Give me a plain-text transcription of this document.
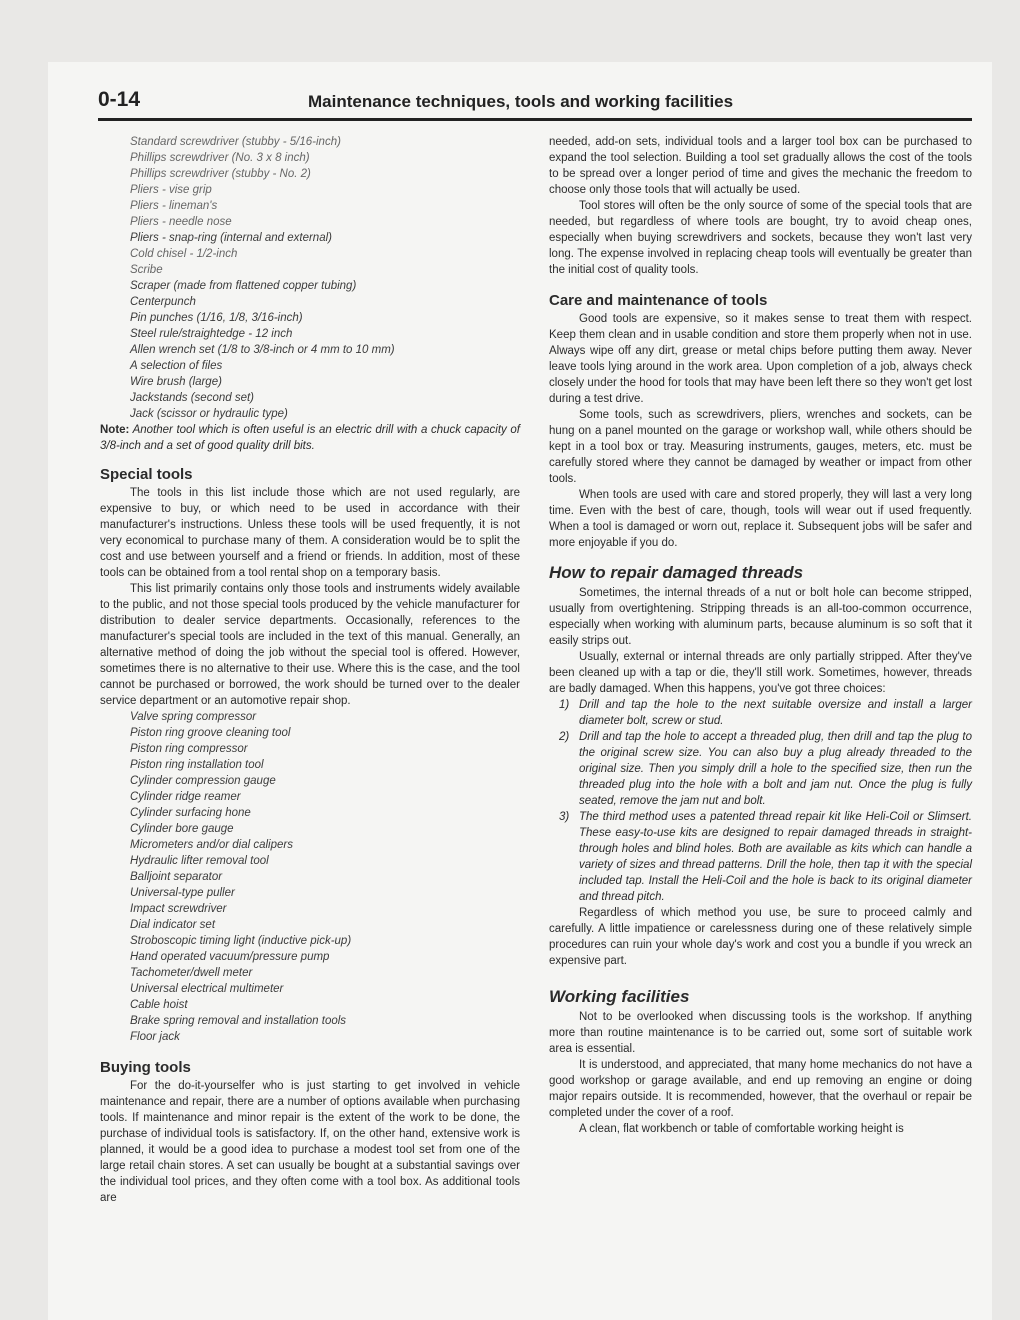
0-14	Maintenance techniques, tools and working facilities
Standard screwdriver (stubby - 5/16-inch)
Phillips screwdriver (No. 3 x 8 inch)
Phillips screwdriver (stubby - No. 2)
Pliers - vise grip
Pliers - lineman's
Pliers - needle nose
Pliers - snap-ring (internal and external)
Cold chisel - 1/2-inch
Scribe
Scraper (made from flattened copper tubing)
Centerpunch
Pin punches (1/16, 1/8, 3/16-inch)
Steel rule/straightedge - 12 inch
Allen wrench set (1/8 to 3/8-inch or 4 mm to 10 mm)
A selection of files
Wire brush (large)
Jackstands (second set)
Jack (scissor or hydraulic type)

Note: Another tool which is often useful is an electric drill with a chuck capacity of 3/8-inch and a set of good quality drill bits.

Special tools

The tools in this list include those which are not used regularly, are expensive to buy, or which need to be used in accordance with their manufacturer's instructions. Unless these tools will be used frequently, it is not very economical to purchase many of them. A consideration would be to split the cost and use between yourself and a friend or friends. In addition, most of these tools can be obtained from a tool rental shop on a temporary basis.

This list primarily contains only those tools and instruments widely available to the public, and not those special tools produced by the vehicle manufacturer for distribution to dealer service departments. Occasionally, references to the manufacturer's special tools are included in the text of this manual. Generally, an alternative method of doing the job without the special tool is offered. However, sometimes there is no alternative to their use. Where this is the case, and the tool cannot be purchased or borrowed, the work should be turned over to the dealer service department or an automotive repair shop.

Valve spring compressor
Piston ring groove cleaning tool
Piston ring compressor
Piston ring installation tool
Cylinder compression gauge
Cylinder ridge reamer
Cylinder surfacing hone
Cylinder bore gauge
Micrometers and/or dial calipers
Hydraulic lifter removal tool
Balljoint separator
Universal-type puller
Impact screwdriver
Dial indicator set
Stroboscopic timing light (inductive pick-up)
Hand operated vacuum/pressure pump
Tachometer/dwell meter
Universal electrical multimeter
Cable hoist
Brake spring removal and installation tools
Floor jack
Buying tools

For the do-it-yourselfer who is just starting to get involved in vehicle maintenance and repair, there are a number of options available when purchasing tools. If maintenance and minor repair is the extent of the work to be done, the purchase of individual tools is satisfactory. If, on the other hand, extensive work is planned, it would be a good idea to purchase a modest tool set from one of the large retail chain stores. A set can usually be bought at a substantial savings over the individual tool prices, and they often come with a tool box. As additional tools are

needed, add-on sets, individual tools and a larger tool box can be purchased to expand the tool selection. Building a tool set gradually allows the cost of the tools to be spread over a longer period of time and gives the mechanic the freedom to choose only those tools that will actually be used.

Tool stores will often be the only source of some of the special tools that are needed, but regardless of where tools are bought, try to avoid cheap ones, especially when buying screwdrivers and sockets, because they won't last very long. The expense involved in replacing cheap tools will eventually be greater than the initial cost of quality tools.

Care and maintenance of tools

Good tools are expensive, so it makes sense to treat them with respect. Keep them clean and in usable condition and store them properly when not in use. Always wipe off any dirt, grease or metal chips before putting them away. Never leave tools lying around in the work area. Upon completion of a job, always check closely under the hood for tools that may have been left there so they won't get lost during a test drive.

Some tools, such as screwdrivers, pliers, wrenches and sockets, can be hung on a panel mounted on the garage or workshop wall, while others should be kept in a tool box or tray. Measuring instruments, gauges, meters, etc. must be carefully stored where they cannot be damaged by weather or impact from other tools.

When tools are used with care and stored properly, they will last a very long time. Even with the best of care, though, tools will wear out if used frequently. When a tool is damaged or worn out, replace it. Subsequent jobs will be safer and more enjoyable if you do.

How to repair damaged threads

Sometimes, the internal threads of a nut or bolt hole can become stripped, usually from overtightening. Stripping threads is an all-too-common occurrence, especially when working with aluminum parts, because aluminum is so soft that it easily strips out.

Usually, external or internal threads are only partially stripped. After they've been cleaned up with a tap or die, they'll still work. Sometimes, however, threads are badly damaged. When this happens, you've got three choices:

1) Drill and tap the hole to the next suitable oversize and install a larger diameter bolt, screw or stud.
2) Drill and tap the hole to accept a threaded plug, then drill and tap the plug to the original screw size. You can also buy a plug already threaded to the original size. Then you simply drill a hole to the specified size, then run the threaded plug into the hole with a bolt and jam nut. Once the plug is fully seated, remove the jam nut and bolt.
3) The third method uses a patented thread repair kit like Heli-Coil or Slimsert. These easy-to-use kits are designed to repair damaged threads in straight-through holes and blind holes. Both are available as kits which can handle a variety of sizes and thread patterns. Drill the hole, then tap it with the special included tap. Install the Heli-Coil and the hole is back to its original diameter and thread pitch.

Regardless of which method you use, be sure to proceed calmly and carefully. A little impatience or carelessness during one of these relatively simple procedures can ruin your whole day's work and cost you a bundle if you wreck an expensive part.

Working facilities

Not to be overlooked when discussing tools is the workshop. If anything more than routine maintenance is to be carried out, some sort of suitable work area is essential.

It is understood, and appreciated, that many home mechanics do not have a good workshop or garage available, and end up removing an engine or doing major repairs outside. It is recommended, however, that the overhaul or repair be completed under the cover of a roof.

A clean, flat workbench or table of comfortable working height is
